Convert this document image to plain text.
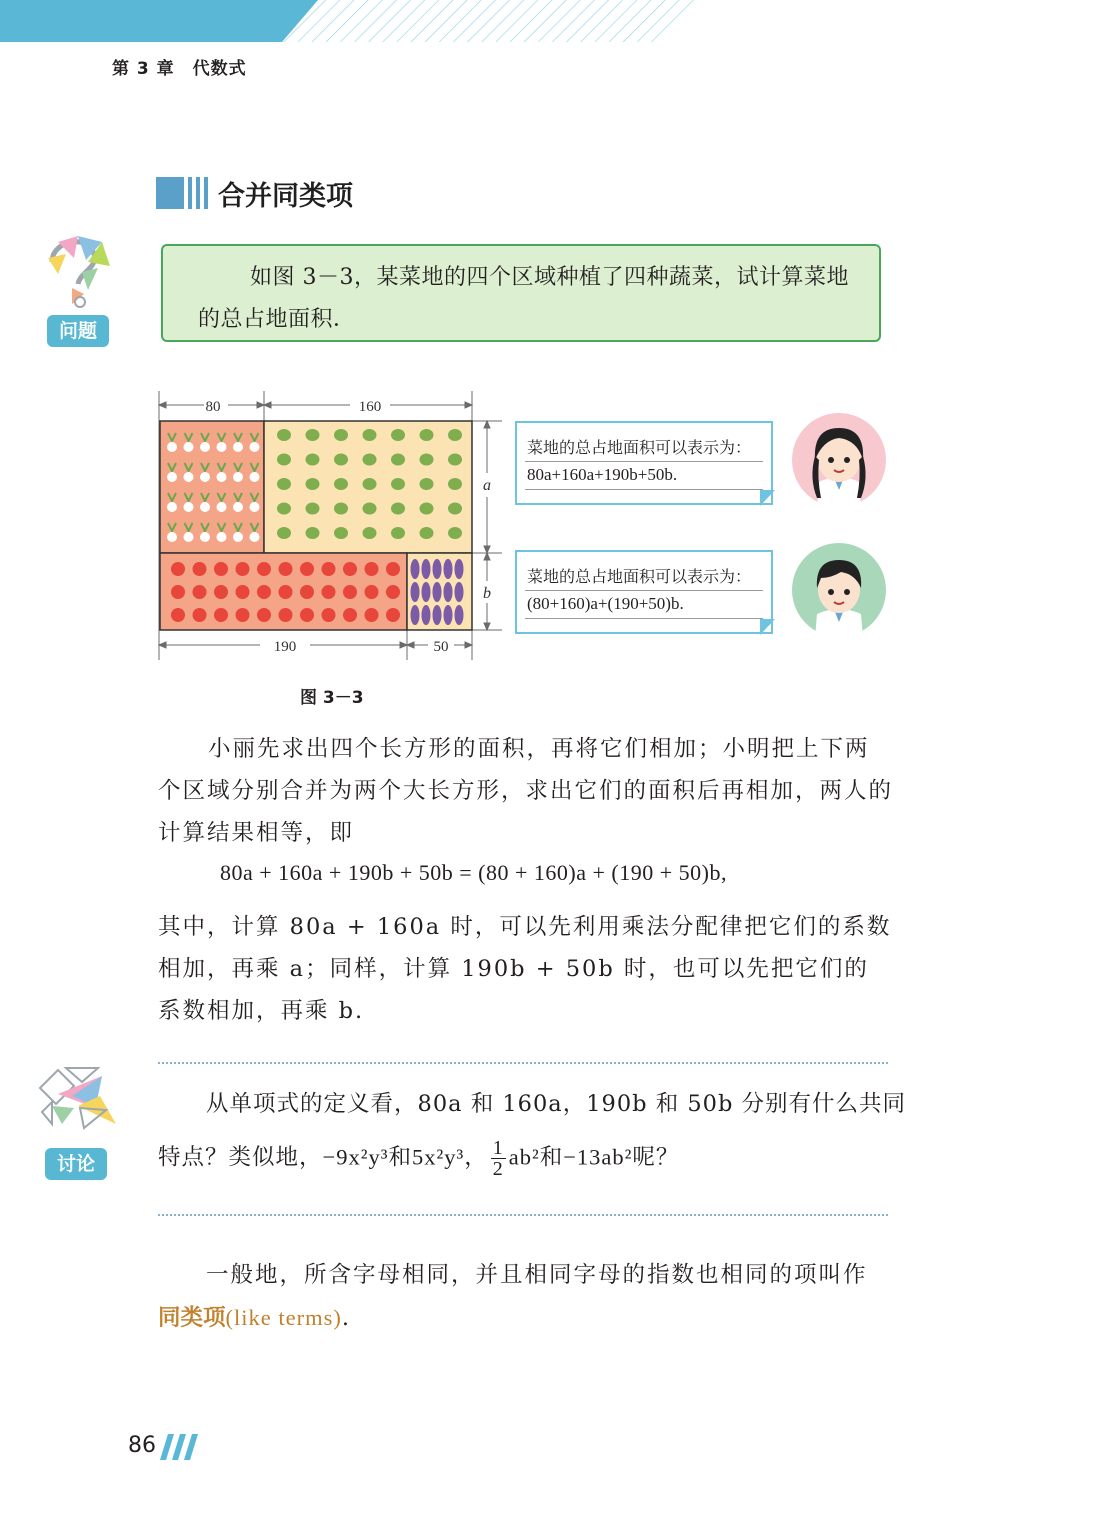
第 3 章　代数式
合并同类项
问题
如图 3－3，某菜地的四个区域种植了四种蔬菜，试计算菜地的总占地面积．
80	160
a
b
190	50
菜地的总占地面积可以表示为：
80a+160a+190b+50b.
菜地的总占地面积可以表示为：
(80+160)a+(190+50)b.
图 3－3
小丽先求出四个长方形的面积，再将它们相加；小明把上下两个区域分别合并为两个大长方形，求出它们的面积后再相加，两人的计算结果相等，即
80a + 160a + 190b + 50b = (80 + 160)a + (190 + 50)b,
其中，计算 80a + 160a 时，可以先利用乘法分配律把它们的系数相加，再乘 a；同样，计算 190b + 50b 时，也可以先把它们的系数相加，再乘 b.
讨论
从单项式的定义看，80a 和 160a，190b 和 50b 分别有什么共同
特点？类似地，−9x²y³和5x²y³， $\frac{1}{2} ab^2$和−13ab²呢？
一般地，所含字母相同，并且相同字母的指数也相同的项叫作
同类项(like terms).
86
